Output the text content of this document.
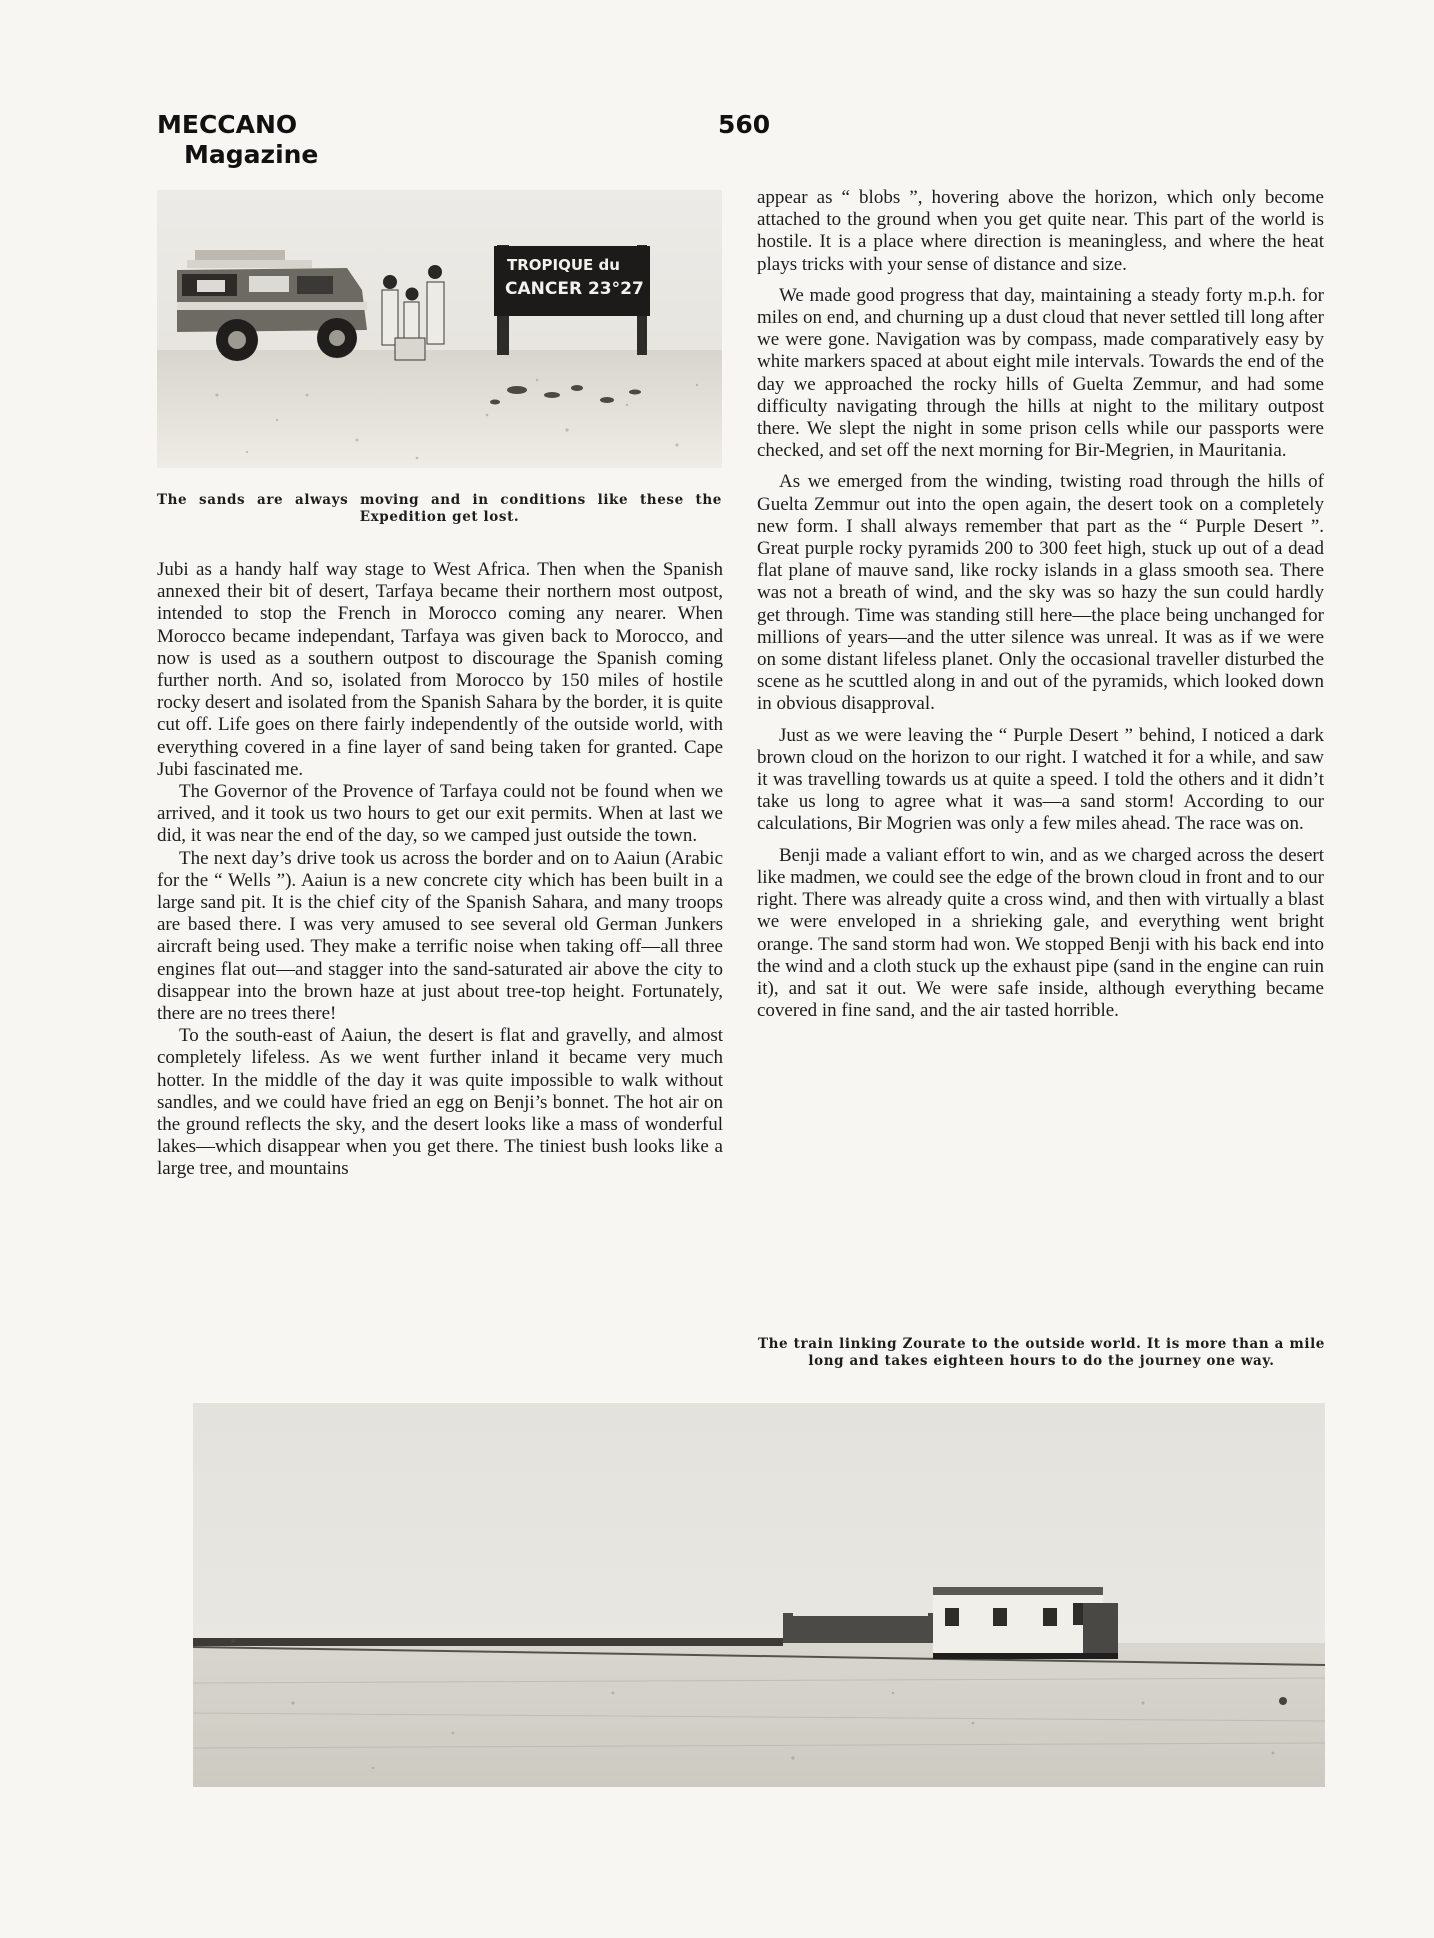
MECCANO
Magazine
560
TROPIQUE du
CANCER 23°27
The sands are always moving and in conditions like these the Expedition get lost.

Jubi as a handy half way stage to West Africa. Then when the Spanish annexed their bit of desert, Tarfaya became their northern most outpost, intended to stop the French in Morocco coming any nearer. When Morocco became independant, Tarfaya was given back to Morocco, and now is used as a southern outpost to discourage the Spanish coming further north. And so, isolated from Morocco by 150 miles of hostile rocky desert and isolated from the Spanish Sahara by the border, it is quite cut off. Life goes on there fairly independently of the outside world, with everything covered in a fine layer of sand being taken for granted. Cape Jubi fascinated me.

The Governor of the Provence of Tarfaya could not be found when we arrived, and it took us two hours to get our exit permits. When at last we did, it was near the end of the day, so we camped just outside the town.

The next day’s drive took us across the border and on to Aaiun (Arabic for the “ Wells ”). Aaiun is a new concrete city which has been built in a large sand pit. It is the chief city of the Spanish Sahara, and many troops are based there. I was very amused to see several old German Junkers aircraft being used. They make a terrific noise when taking off—all three engines flat out—and stagger into the sand-saturated air above the city to disappear into the brown haze at just about tree-top height. Fortunately, there are no trees there!

To the south-east of Aaiun, the desert is flat and gravelly, and almost completely lifeless. As we went further inland it became very much hotter. In the middle of the day it was quite impossible to walk without sandles, and we could have fried an egg on Benji’s bonnet. The hot air on the ground reflects the sky, and the desert looks like a mass of wonderful lakes—which disappear when you get there. The tiniest bush looks like a large tree, and mountains

appear as “ blobs ”, hovering above the horizon, which only become attached to the ground when you get quite near. This part of the world is hostile. It is a place where direction is meaningless, and where the heat plays tricks with your sense of distance and size.

We made good progress that day, maintaining a steady forty m.p.h. for miles on end, and churning up a dust cloud that never settled till long after we were gone. Navigation was by compass, made comparatively easy by white markers spaced at about eight mile intervals. Towards the end of the day we approached the rocky hills of Guelta Zemmur, and had some difficulty navigating through the hills at night to the military outpost there. We slept the night in some prison cells while our passports were checked, and set off the next morning for Bir-Megrien, in Mauritania.

As we emerged from the winding, twisting road through the hills of Guelta Zemmur out into the open again, the desert took on a completely new form. I shall always remember that part as the “ Purple Desert ”. Great purple rocky pyramids 200 to 300 feet high, stuck up out of a dead flat plane of mauve sand, like rocky islands in a glass smooth sea. There was not a breath of wind, and the sky was so hazy the sun could hardly get through. Time was standing still here—the place being unchanged for millions of years—and the utter silence was unreal. It was as if we were on some distant lifeless planet. Only the occasional traveller disturbed the scene as he scuttled along in and out of the pyramids, which looked down in obvious disapproval.

Just as we were leaving the “ Purple Desert ” behind, I noticed a dark brown cloud on the horizon to our right. I watched it for a while, and saw it was travelling towards us at quite a speed. I told the others and it didn’t take us long to agree what it was—a sand storm! According to our calculations, Bir Mogrien was only a few miles ahead. The race was on.

Benji made a valiant effort to win, and as we charged across the desert like madmen, we could see the edge of the brown cloud in front and to our right. There was already quite a cross wind, and then with virtually a blast we were enveloped in a shrieking gale, and everything went bright orange. The sand storm had won. We stopped Benji with his back end into the wind and a cloth stuck up the exhaust pipe (sand in the engine can ruin it), and sat it out. We were safe inside, although everything became covered in fine sand, and the air tasted horrible.

The train linking Zourate to the outside world. It is more than a mile long and takes eighteen hours to do the journey one way.
